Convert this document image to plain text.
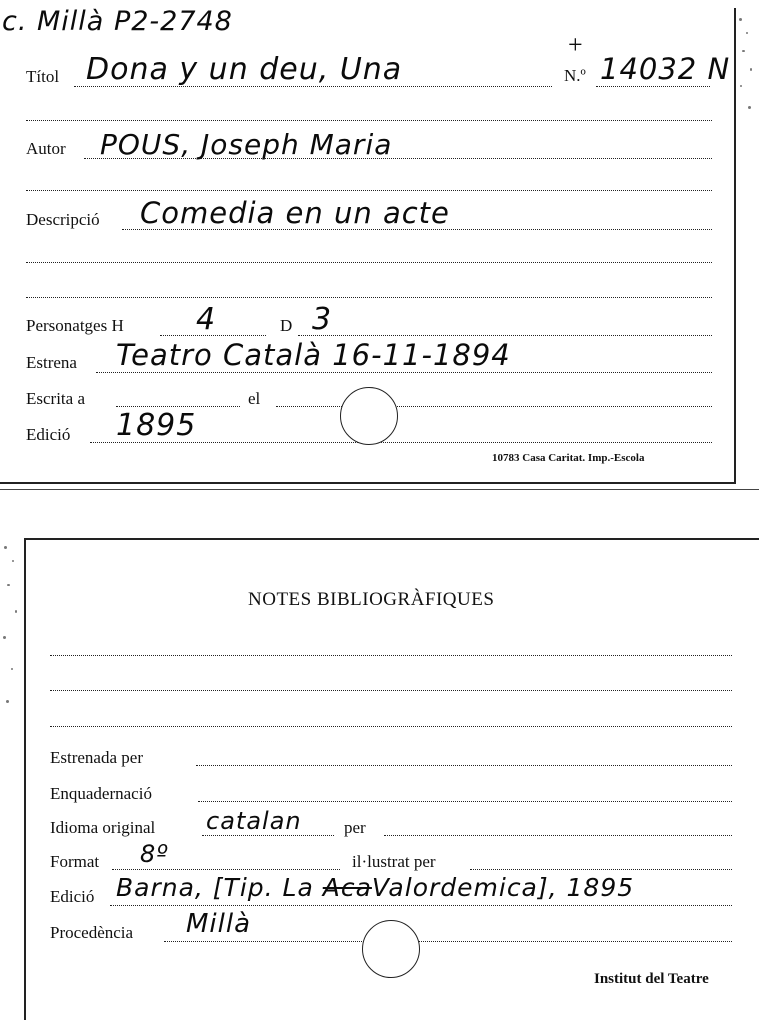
c. Millà P2-2748
Títol Dona y un deu, Una
+
N.º 14032 N
Autor POUS, Joseph Maria
Descripció Comedia en un acte
Personatges H 4	D 3
Estrena Teatro Català 16-11-1894
Escrita a	el
Edició 1895
10783 Casa Caritat. Imp.-Escola
NOTES BIBLIOGRÀFIQUES
Estrenada per
Enquadernació
Idioma original catalan per
Format 8º	il·lustrat per
Edició Barna, [Tip. La AcaValordemica], 1895
Procedència Millà
Institut del Teatre
